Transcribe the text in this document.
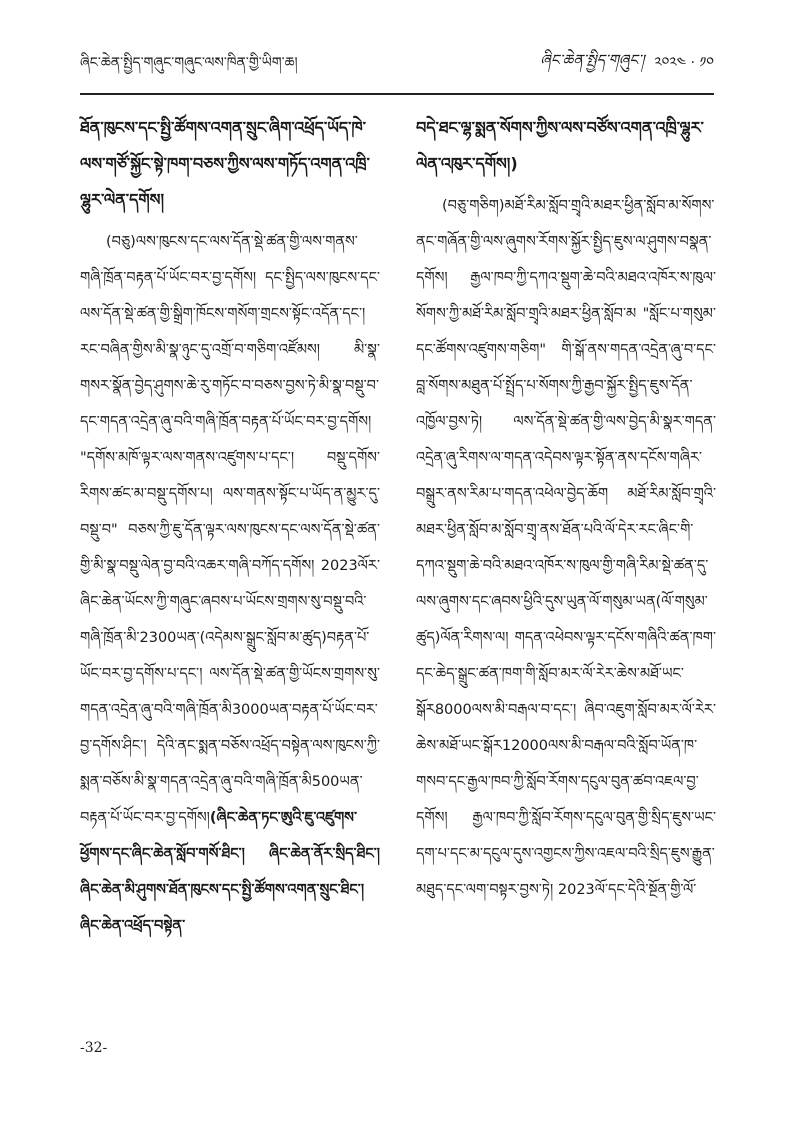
ཞིང་ཆེན་སྤྱིད་གཞུང་གཞུང་ལས་ཁིན་གྱི་ཡིག་ཆ།	ཞིང་ཆེན་སྤྱིད་གཞུང་། ༢༠༢༤ · ༡༠

ཐོན་ཁུངས་དང་སྤྱི་ཚོགས་འགན་སྲུང་ཞིག་འཕྲོད་ཡོད་ཁེ་ལས་གཙོ་སྐྱོང་སྟེ་ཁག་བཅས་ཀྱིས་ལས་གཏོད་འགན་འཁྲི་ལྷུར་ལེན་དགོས།

(བཅུ)ལས་ཁུངས་དང་ལས་དོན་སྡེ་ཚན་གྱི་ལས་གནས་གཞི་ཁྲོན་བརྟན་པོ་ཡོང་བར་བྱ་དགོས། དང་སྤྱིད་ལས་ཁུངས་དང་ལས་དོན་སྡེ་ཚན་གྱི་སྒྲིག་ཁོངས་གསོག་གྲངས་སྟོང་འདོན་དང་། རང་བཞིན་གྱིས་མི་སྣ་ཉུང་དུ་འགྲོ་བ་གཅིག་འཛོམས། མི་སྣ་གསར་སྣོན་བྱེད་ཤུགས་ཆེ་རུ་གཏོང་བ་བཅས་བྱས་ཏེ་མི་སྣ་བསྡུ་བ་དང་གདན་འདྲེན་ཞུ་བའི་གཞི་ཁྲོན་བརྟན་པོ་ཡོང་བར་བྱ་དགོས། "དགོས་མཁོ་ལྟར་ལས་གནས་འཛུགས་པ་དང་། བསྡུ་དགོས་རིགས་ཚང་མ་བསྡུ་དགོས་པ། ལས་གནས་སྟོང་པ་ཡོད་ན་མྱུར་དུ་བསྡུ་བ" བཅས་ཀྱི་ཇུ་དོན་ལྟར་ལས་ཁུངས་དང་ལས་དོན་སྡེ་ཚན་གྱི་མི་སྣ་བསྡུ་ལེན་བྱ་བའི་འཆར་གཞི་བཀོད་དགོས། 2023ལོར་ཞིང་ཆེན་ཡོངས་ཀྱི་གཞུང་ཞབས་པ་ཡོངས་གྲགས་སུ་བསྡུ་བའི་གཞི་ཁྲོན་མི་2300ཡན་(འདེམས་སྒྲུང་སློབ་མ་ཚུད)བརྟན་པོ་ཡོང་བར་བྱ་དགོས་པ་དང་། ལས་དོན་སྡེ་ཚན་གྱི་ཡོངས་གྲགས་སུ་གདན་འདྲེན་ཞུ་བའི་གཞི་ཁྲོན་མི3000ཡན་བརྟན་པོ་ཡོང་བར་བྱ་དགོས་ཤིང་། དེའི་ནང་སྨན་བཅོས་འཕྲོད་བསྟེན་ལས་ཁུངས་ཀྱི་སྨན་བཅོས་མི་སྣ་གདན་འདྲེན་ཞུ་བའི་གཞི་ཁྲོན་མི500ཡན་བརྟན་པོ་ཡོང་བར་བྱ་དགོས།(ཞིང་ཆེན་ཏང་ཨུའི་ཇུ་འཛུགས་ཕྱོགས་དང་ཞིང་ཆེན་སློབ་གསོ་ཐིང་། ཞིང་ཆེན་ནོར་སྲིད་ཐིང་། ཞིང་ཆེན་མི་ཤུགས་ཐོན་ཁུངས་དང་སྤྱི་ཚོགས་འགན་སྲུང་ཐིང་། ཞིང་ཆེན་འཕྲོད་བསྟེན་

བདེ་ཐང་ལྷ་སྨན་སོགས་ཀྱིས་ལས་བཙོས་འགན་འཁྲི་ལྷུར་ལེན་འཁུར་དགོས།)

(བཅུ་གཅིག)མཐོ་རིམ་སློབ་གྲྭའི་མཐར་ཕྱིན་སློབ་མ་སོགས་ནང་གཞོན་གྱི་ལས་ཞུགས་རོགས་སྐྱོར་སྤྱིད་ཇུས་ལ་ཤུགས་བསྣན་དགོས། རྒྱལ་ཁབ་ཀྱི་དཀའ་སྡུག་ཆེ་བའི་མཐའ་འཁོར་ས་ཁུལ་སོགས་ཀྱི་མཐོ་རིམ་སློབ་གྲྭའི་མཐར་ཕྱིན་སློབ་མ "སློང་པ་གསུམ་དང་ཚོགས་འཛུགས་གཅིག" གི་སྒོ་ནས་གདན་འདྲེན་ཞུ་བ་དང་བླ་སོགས་མཐུན་པོ་སྤྲོད་པ་སོགས་ཀྱི་རྒྱབ་སྐྱོར་སྤྱིད་ཇུས་དོན་འཁྱོལ་བྱས་ཏེ། ལས་དོན་སྡེ་ཚན་གྱི་ལས་བྱེད་མི་སྣར་གདན་འདྲེན་ཞུ་རིགས་ལ་གདན་འདེབས་ལྟར་སྟོན་ནས་དངོས་གཞིར་བསྒྲུར་ནས་རིམ་པ་གདན་འཕེལ་བྱེད་ཆོག མཐོ་རིམ་སློབ་གྲྭའི་མཐར་ཕྱིན་སློབ་མ་སློབ་གྲྭ་ནས་ཐོན་པའི་ལོ་དེར་རང་ཞིང་གི་དཀའ་སྡུག་ཆེ་བའི་མཐའ་འཁོར་ས་ཁུལ་གྱི་གཞི་རིམ་སྡེ་ཚན་དུ་ལས་ཞུགས་དང་ཞབས་ཕྱིའི་དུས་ཡུན་ལོ་གསུམ་ཡན(ལོ་གསུམ་ཚུད)ལོན་རིགས་ལ། གདན་འཕེབས་ལྟར་དངོས་གཞིའི་ཚན་ཁག་དང་ཆེད་སྒྲུང་ཚན་ཁག་གི་སློབ་མར་ལོ་རེར་ཆེས་མཐོ་ཡང་སྒོར8000ལས་མི་བརྒལ་བ་དང་། ཞིབ་འཇུག་སློབ་མར་ལོ་རེར་ཆེས་མཐོ་ཡང་སྒོར12000ལས་མི་བརྒལ་བའི་སློབ་ཡོན་ཁ་གསབ་དང་རྒྱལ་ཁབ་ཀྱི་སློབ་རོགས་དངུལ་བུན་ཚབ་འཇལ་བྱ་དགོས། རྒྱལ་ཁབ་ཀྱི་སློབ་རོགས་དངུལ་བུན་གྱི་སྲིད་ཇུས་ཡང་དག་པ་དང་མ་དངུལ་དུས་འགྱངས་ཀྱིས་འཇལ་བའི་སྲིད་ཇུས་རྒྱུན་མཐུད་དང་ལག་བསྟར་བྱས་ཏེ། 2023ལོ་དང་དེའི་སྔོན་གྱི་ལོ་

-32-
